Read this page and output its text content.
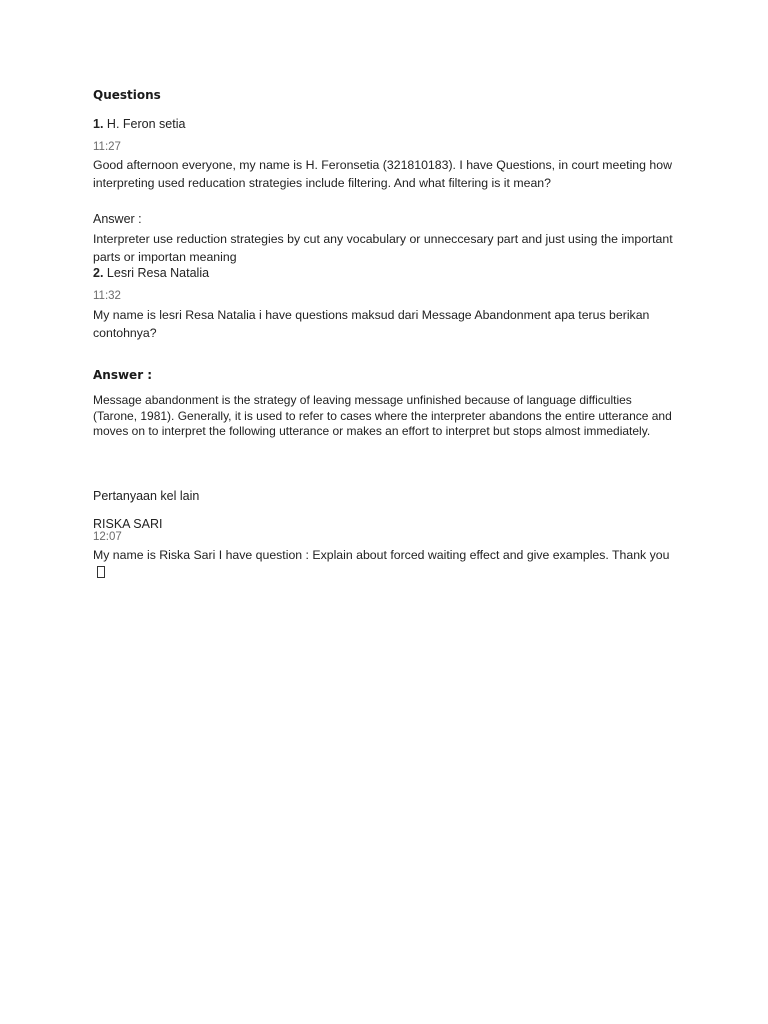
Questions
1. H. Feron setia
11:27
Good afternoon everyone, my name is H. Feronsetia (321810183). I have Questions, in court meeting how interpreting used reducation strategies include filtering. And what filtering is it mean?
Answer :
Interpreter use reduction strategies by cut any vocabulary or unneccesary part and just using the important parts or importan meaning
2. Lesri Resa Natalia
11:32
My name is lesri Resa Natalia i have questions maksud dari Message Abandonment apa terus berikan contohnya?
Answer :
Message abandonment is the strategy of leaving message unfinished because of language difficulties (Tarone, 1981). Generally, it is used to refer to cases where the interpreter abandons the entire utterance and moves on to interpret the following utterance or makes an effort to interpret but stops almost immediately.
Pertanyaan kel lain
RISKA SARI
12:07
My name is Riska Sari I have question : Explain about forced waiting effect and give examples. Thank you
